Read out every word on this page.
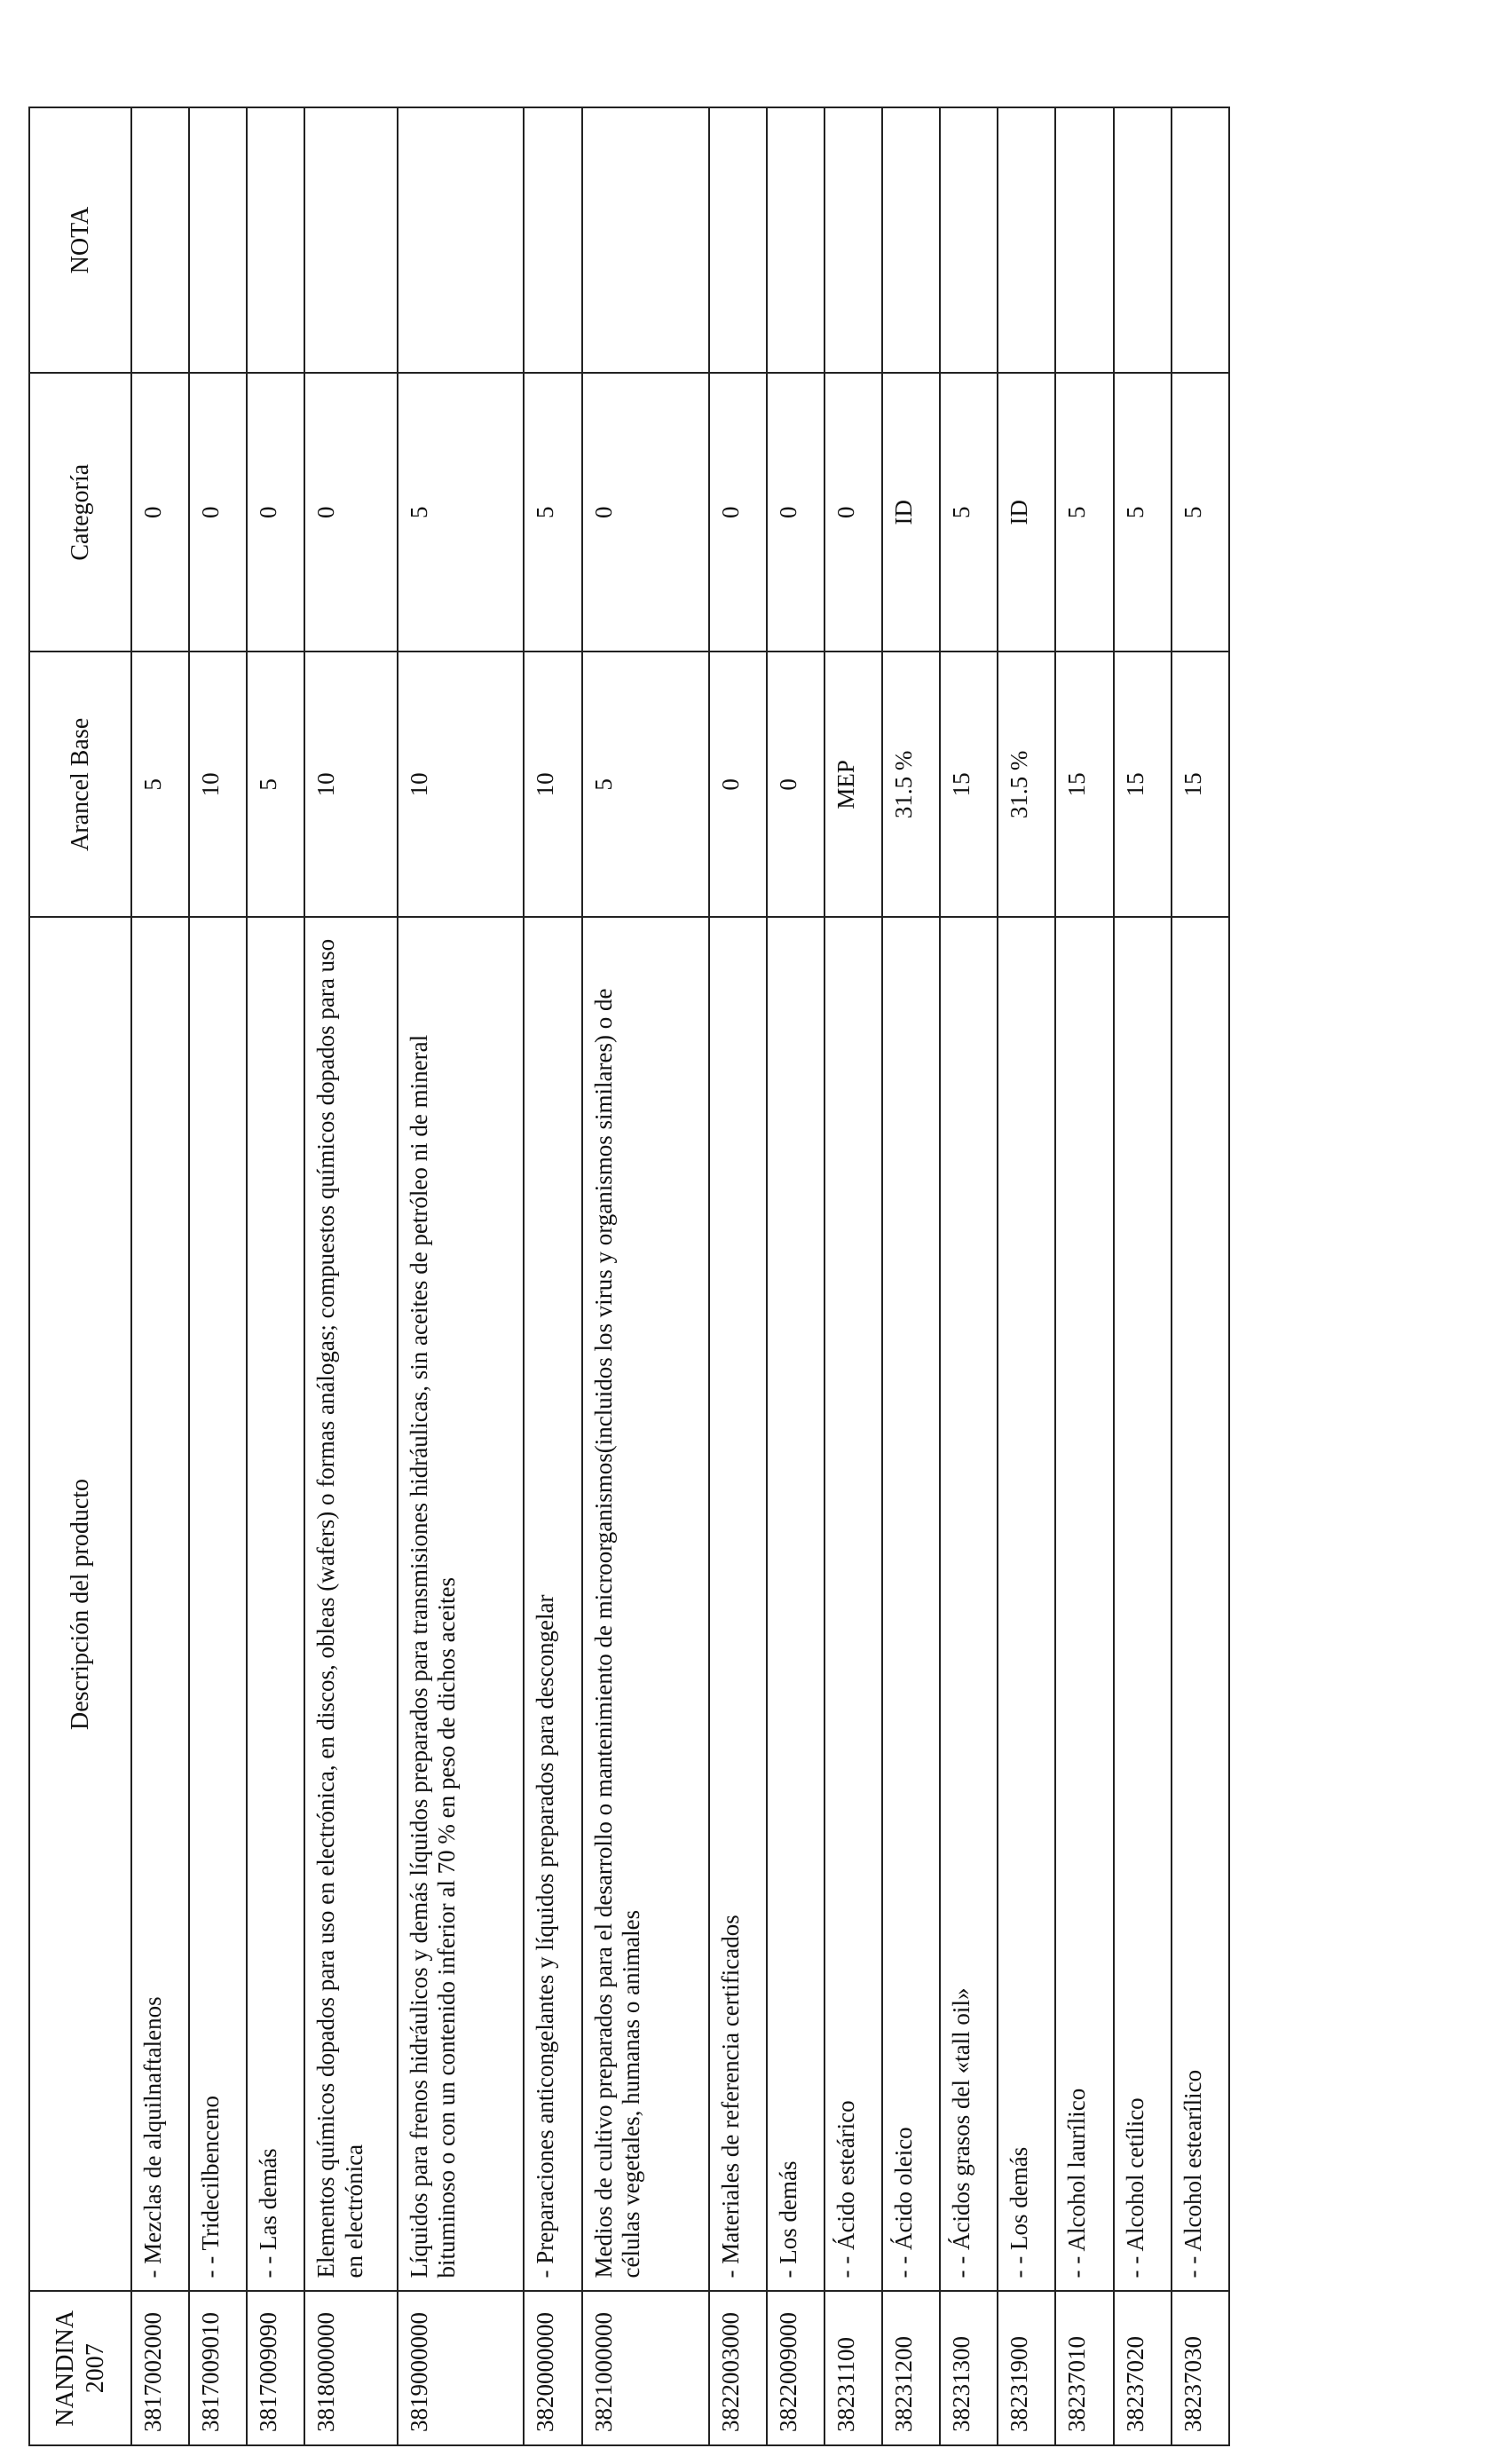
NANDINA 2007	Descripción del producto	Arancel Base	Categoría	NOTA
3817002000	- Mezclas de alquilnaftalenos	5	0	
3817009010	- - Tridecilbenceno	10	0	
3817009090	- - Las demás	5	0	
3818000000	Elementos químicos dopados para uso en electrónica, en discos, obleas (wafers) o formas análogas; compuestos químicos dopados para uso en electrónica	10	0	
3819000000	Líquidos para frenos hidráulicos y demás líquidos preparados para transmisiones hidráulicas, sin aceites de petróleo ni de mineral bituminoso o con un contenido inferior al 70 % en peso de dichos aceites	10	5	
3820000000	- Preparaciones anticongelantes y líquidos preparados para descongelar	10	5	
3821000000	Medios de cultivo preparados para el desarrollo o mantenimiento de microorganismos(incluidos los virus y organismos similares) o de células vegetales, humanas o animales	5	0	
3822003000	- Materiales de referencia certificados	0	0	
3822009000	- Los demás	0	0	
38231100	- - Ácido esteárico	MEP	0	
38231200	- - Ácido oleico	31.5 %	ID	
38231300	- - Ácidos grasos del «tall oil»	15	5	
38231900	- - Los demás	31.5 %	ID	
38237010	- - Alcohol laurílico	15	5	
38237020	- - Alcohol cetílico	15	5	
38237030	- - Alcohol estearílico	15	5	
